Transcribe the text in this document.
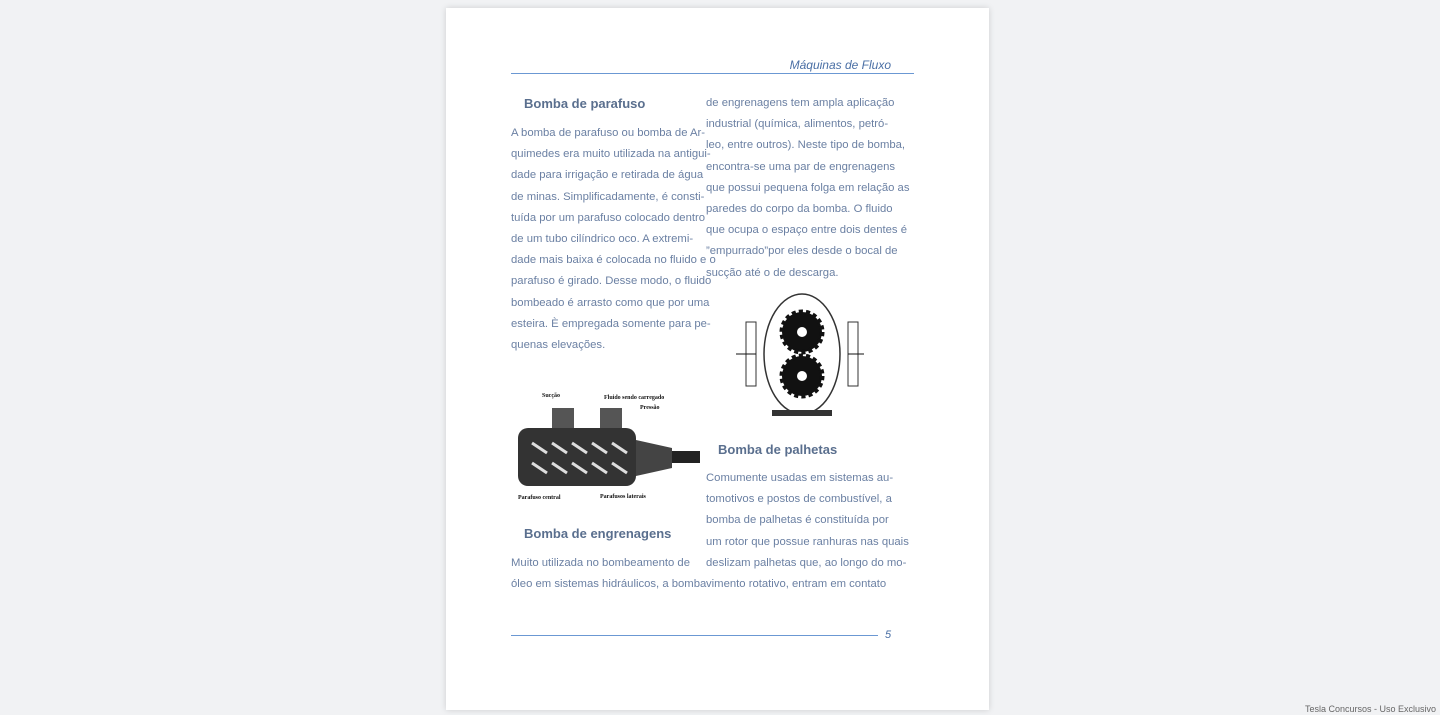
Máquinas de Fluxo
Bomba de parafuso
A bomba de parafuso ou bomba de Ar-
quimedes era muito utilizada na antigui-
dade para irrigação e retirada de água
de minas. Simplificadamente, é consti-
tuída por um parafuso colocado dentro
de um tubo cilíndrico oco. A extremi-
dade mais baixa é colocada no fluido e o
parafuso é girado. Desse modo, o fluido
bombeado é arrasto como que por uma
esteira. È empregada somente para pe-
quenas elevações.
Sucção	Fluido sendo carregado
Pressão
Parafuso central	Parafusos laterais
Bomba de engrenagens
Muito utilizada no bombeamento de
óleo em sistemas hidráulicos, a bomba
de engrenagens tem ampla aplicação
industrial (química, alimentos, petró-
leo, entre outros). Neste tipo de bomba,
encontra-se uma par de engrenagens
que possui pequena folga em relação as
paredes do corpo da bomba. O fluido
que ocupa o espaço entre dois dentes é
”empurrado”por eles desde o bocal de
sucção até o de descarga.
Bomba de palhetas
Comumente usadas em sistemas au-
tomotivos e postos de combustível, a
bomba de palhetas é constituída por
um rotor que possue ranhuras nas quais
deslizam palhetas que, ao longo do mo-
vimento rotativo, entram em contato
5
Tesla Concursos - Uso Exclusivo
